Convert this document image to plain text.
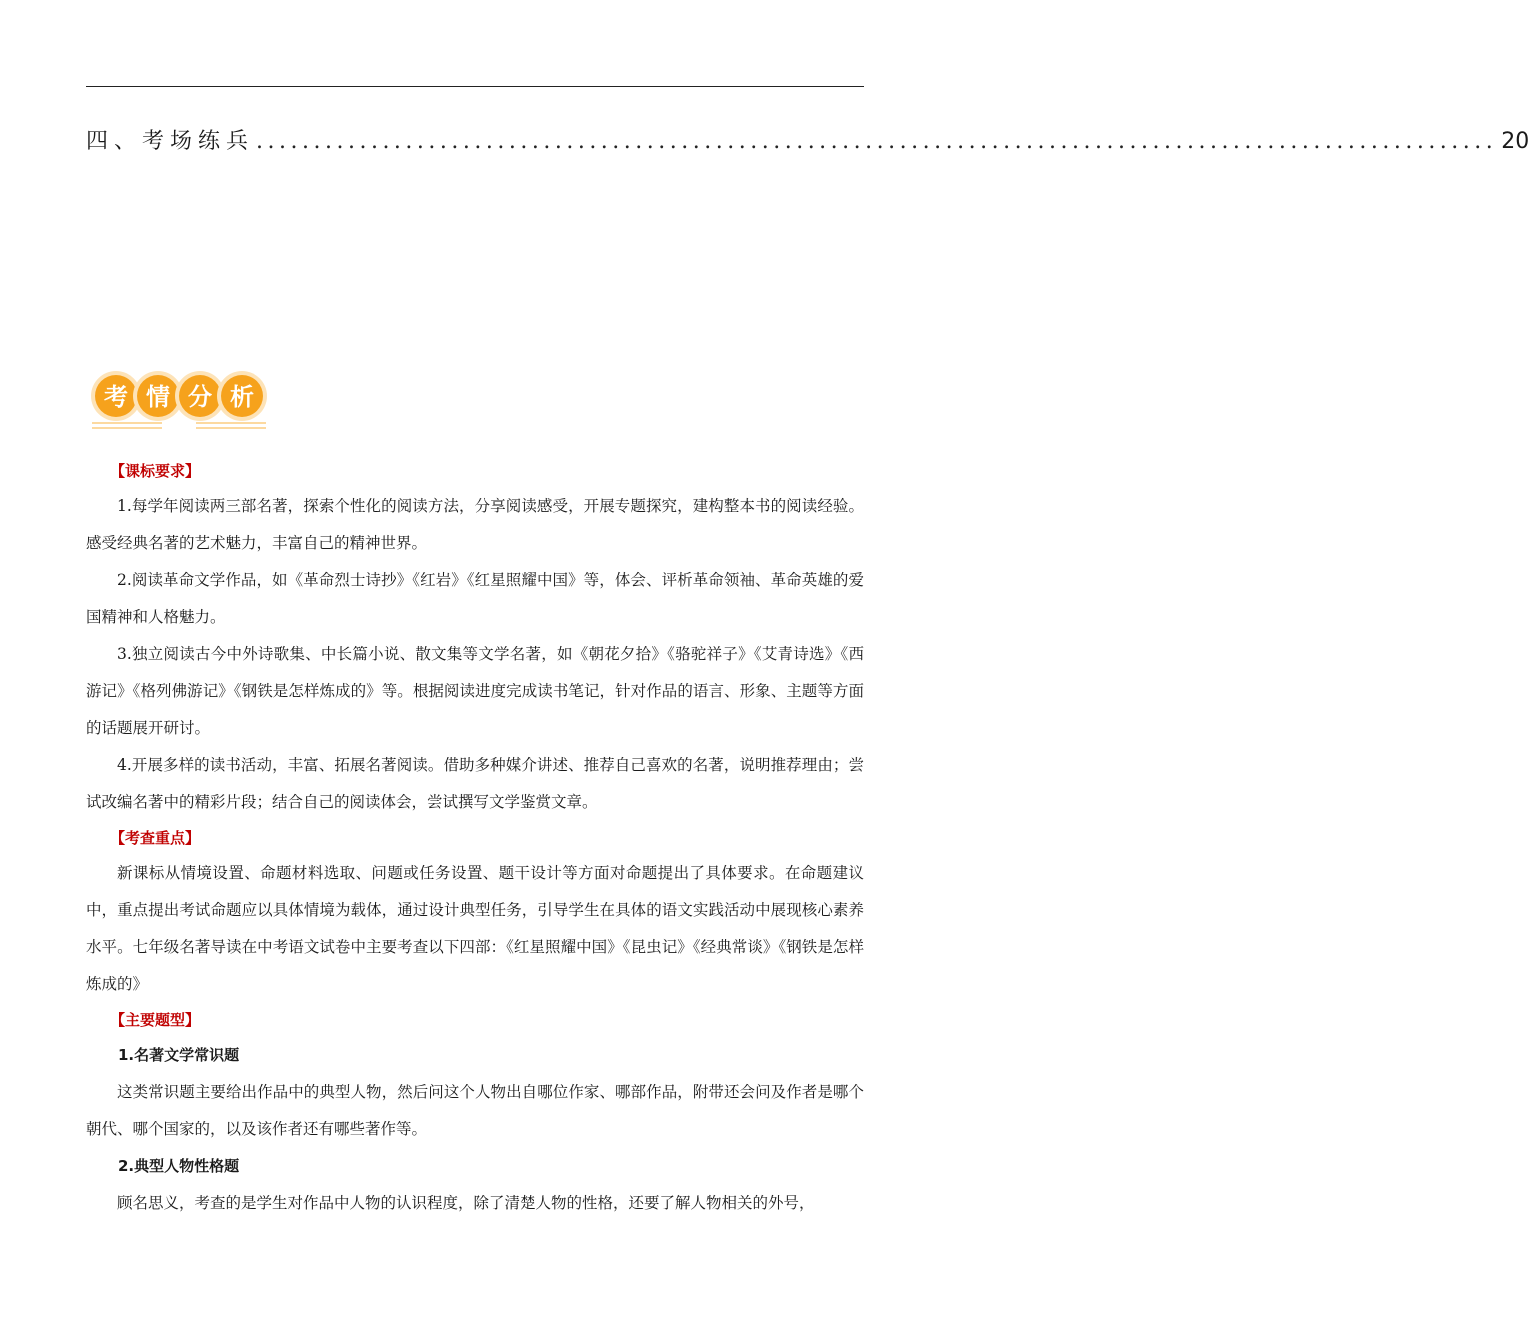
四、考场练兵 ............................................................................................................ 20
考 情 分 析
【课标要求】

1.每学年阅读两三部名著，探索个性化的阅读方法，分享阅读感受，开展专题探究，建构整本书的阅读经验。感受经典名著的艺术魅力，丰富自己的精神世界。

2.阅读革命文学作品，如《革命烈士诗抄》《红岩》《红星照耀中国》等，体会、评析革命领袖、革命英雄的爱国精神和人格魅力。

3.独立阅读古今中外诗歌集、中长篇小说、散文集等文学名著，如《朝花夕拾》《骆驼祥子》《艾青诗选》《西游记》《格列佛游记》《钢铁是怎样炼成的》等。根据阅读进度完成读书笔记，针对作品的语言、形象、主题等方面的话题展开研讨。

4.开展多样的读书活动，丰富、拓展名著阅读。借助多种媒介讲述、推荐自己喜欢的名著，说明推荐理由；尝试改编名著中的精彩片段；结合自己的阅读体会，尝试撰写文学鉴赏文章。

【考查重点】

新课标从情境设置、命题材料选取、问题或任务设置、题干设计等方面对命题提出了具体要求。在命题建议中，重点提出考试命题应以具体情境为载体，通过设计典型任务，引导学生在具体的语文实践活动中展现核心素养水平。七年级名著导读在中考语文试卷中主要考查以下四部：《红星照耀中国》《昆虫记》《经典常谈》《钢铁是怎样炼成的》

【主要题型】
1.名著文学常识题

这类常识题主要给出作品中的典型人物，然后问这个人物出自哪位作家、哪部作品，附带还会问及作者是哪个朝代、哪个国家的，以及该作者还有哪些著作等。

2.典型人物性格题

顾名思义，考查的是学生对作品中人物的认识程度，除了清楚人物的性格，还要了解人物相关的外号，
